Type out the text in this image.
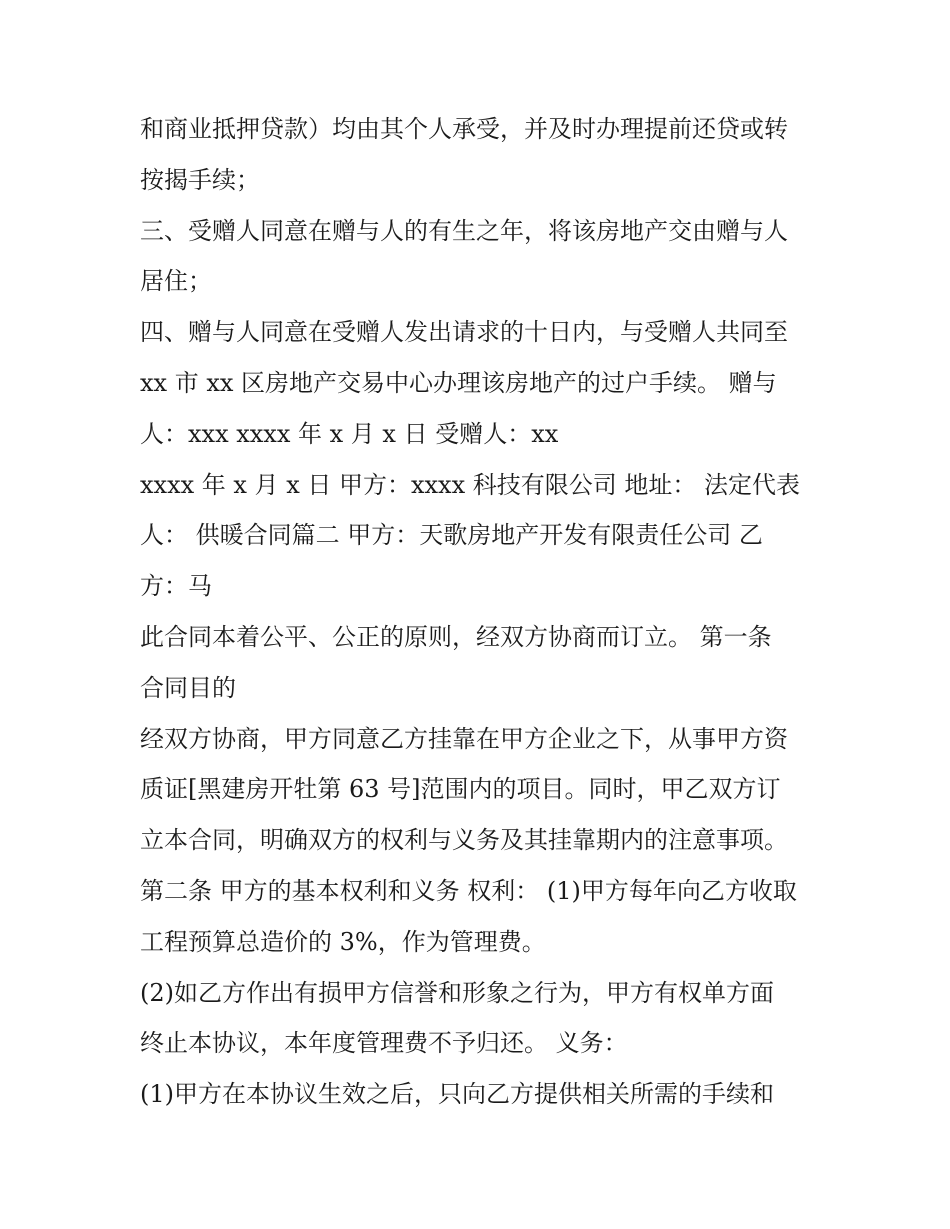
和商业抵押贷款）均由其个人承受，并及时办理提前还贷或转
按揭手续；
三、受赠人同意在赠与人的有生之年，将该房地产交由赠与人
居住；
四、赠与人同意在受赠人发出请求的十日内，与受赠人共同至
xx 市 xx 区房地产交易中心办理该房地产的过户手续。 赠与
人：xxx xxxx 年 x 月 x 日 受赠人：xx
xxxx 年 x 月 x 日 甲方：xxxx 科技有限公司 地址： 法定代表
人： 供暖合同篇二 甲方：天歌房地产开发有限责任公司 乙
方：马
此合同本着公平、公正的原则，经双方协商而订立。 第一条
合同目的
经双方协商，甲方同意乙方挂靠在甲方企业之下，从事甲方资
质证[黑建房开牡第 63 号]范围内的项目。同时，甲乙双方订
立本合同，明确双方的权利与义务及其挂靠期内的注意事项。
第二条 甲方的基本权利和义务 权利： (1)甲方每年向乙方收取
工程预算总造价的 3%，作为管理费。
(2)如乙方作出有损甲方信誉和形象之行为，甲方有权单方面
终止本协议，本年度管理费不予归还。 义务：
(1)甲方在本协议生效之后，只向乙方提供相关所需的手续和
